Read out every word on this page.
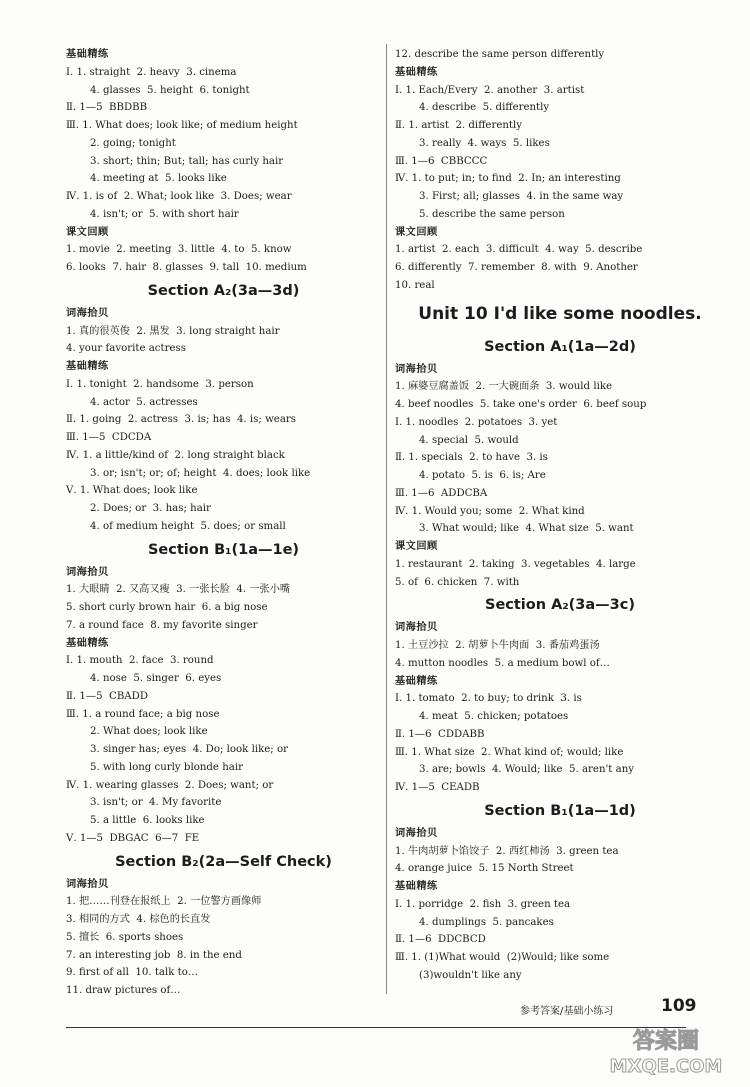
基础精练
Ⅰ. 1. straight  2. heavy  3. cinema
4. glasses  5. height  6. tonight
Ⅱ. 1—5  BBDBB
Ⅲ. 1. What does; look like; of medium height
2. going; tonight
3. short; thin; But; tall; has curly hair
4. meeting at  5. looks like
Ⅳ. 1. is of  2. What; look like  3. Does; wear
4. isn't; or  5. with short hair
课文回顾
1. movie  2. meeting  3. little  4. to  5. know
6. looks  7. hair  8. glasses  9. tall  10. medium
Section A₂(3a—3d)
词海拾贝
1. 真的很英俊  2. 黑发  3. long straight hair
4. your favorite actress
基础精练
Ⅰ. 1. tonight  2. handsome  3. person
4. actor  5. actresses
Ⅱ. 1. going  2. actress  3. is; has  4. is; wears
Ⅲ. 1—5  CDCDA
Ⅳ. 1. a little/kind of  2. long straight black
3. or; isn't; or; of; height  4. does; look like
Ⅴ. 1. What does; look like
2. Does; or  3. has; hair
4. of medium height  5. does; or small
Section B₁(1a—1e)
词海拾贝
1. 大眼睛  2. 又高又瘦  3. 一张长脸  4. 一张小嘴
5. short curly brown hair  6. a big nose
7. a round face  8. my favorite singer
基础精练
Ⅰ. 1. mouth  2. face  3. round
4. nose  5. singer  6. eyes
Ⅱ. 1—5  CBADD
Ⅲ. 1. a round face; a big nose
2. What does; look like
3. singer has; eyes  4. Do; look like; or
5. with long curly blonde hair
Ⅳ. 1. wearing glasses  2. Does; want; or
3. isn't; or  4. My favorite
5. a little  6. looks like
Ⅴ. 1—5  DBGAC  6—7  FE
Section B₂(2a—Self Check)
词海拾贝
1. 把……刊登在报纸上  2. 一位警方画像师
3. 相同的方式  4. 棕色的长直发
5. 擅长  6. sports shoes
7. an interesting job  8. in the end
9. first of all  10. talk to…
11. draw pictures of…
12. describe the same person differently
基础精练
Ⅰ. 1. Each/Every  2. another  3. artist
4. describe  5. differently
Ⅱ. 1. artist  2. differently
3. really  4. ways  5. likes
Ⅲ. 1—6  CBBCCC
Ⅳ. 1. to put; in; to find  2. In; an interesting
3. First; all; glasses  4. in the same way
5. describe the same person
课文回顾
1. artist  2. each  3. difficult  4. way  5. describe
6. differently  7. remember  8. with  9. Another
10. real
Unit 10 I'd like some noodles.
Section A₁(1a—2d)
词海拾贝
1. 麻婆豆腐盖饭  2. 一大碗面条  3. would like
4. beef noodles  5. take one's order  6. beef soup
Ⅰ. 1. noodles  2. potatoes  3. yet
4. special  5. would
Ⅱ. 1. specials  2. to have  3. is
4. potato  5. is  6. is; Are
Ⅲ. 1—6  ADDCBA
Ⅳ. 1. Would you; some  2. What kind
3. What would; like  4. What size  5. want
课文回顾
1. restaurant  2. taking  3. vegetables  4. large
5. of  6. chicken  7. with
Section A₂(3a—3c)
词海拾贝
1. 土豆沙拉  2. 胡萝卜牛肉面  3. 番茄鸡蛋汤
4. mutton noodles  5. a medium bowl of…
基础精练
Ⅰ. 1. tomato  2. to buy; to drink  3. is
4. meat  5. chicken; potatoes
Ⅱ. 1—6  CDDABB
Ⅲ. 1. What size  2. What kind of; would; like
3. are; bowls  4. Would; like  5. aren't any
Ⅳ. 1—5  CEADB
Section B₁(1a—1d)
词海拾贝
1. 牛肉胡萝卜馅饺子  2. 西红柿汤  3. green tea
4. orange juice  5. 15 North Street
基础精练
Ⅰ. 1. porridge  2. fish  3. green tea
4. dumplings  5. pancakes
Ⅱ. 1—6  DDCBCD
Ⅲ. 1. (1)What would  (2)Would; like some
(3)wouldn't like any
参考答案/基础小练习	109
答案圈
MXQE.COM
